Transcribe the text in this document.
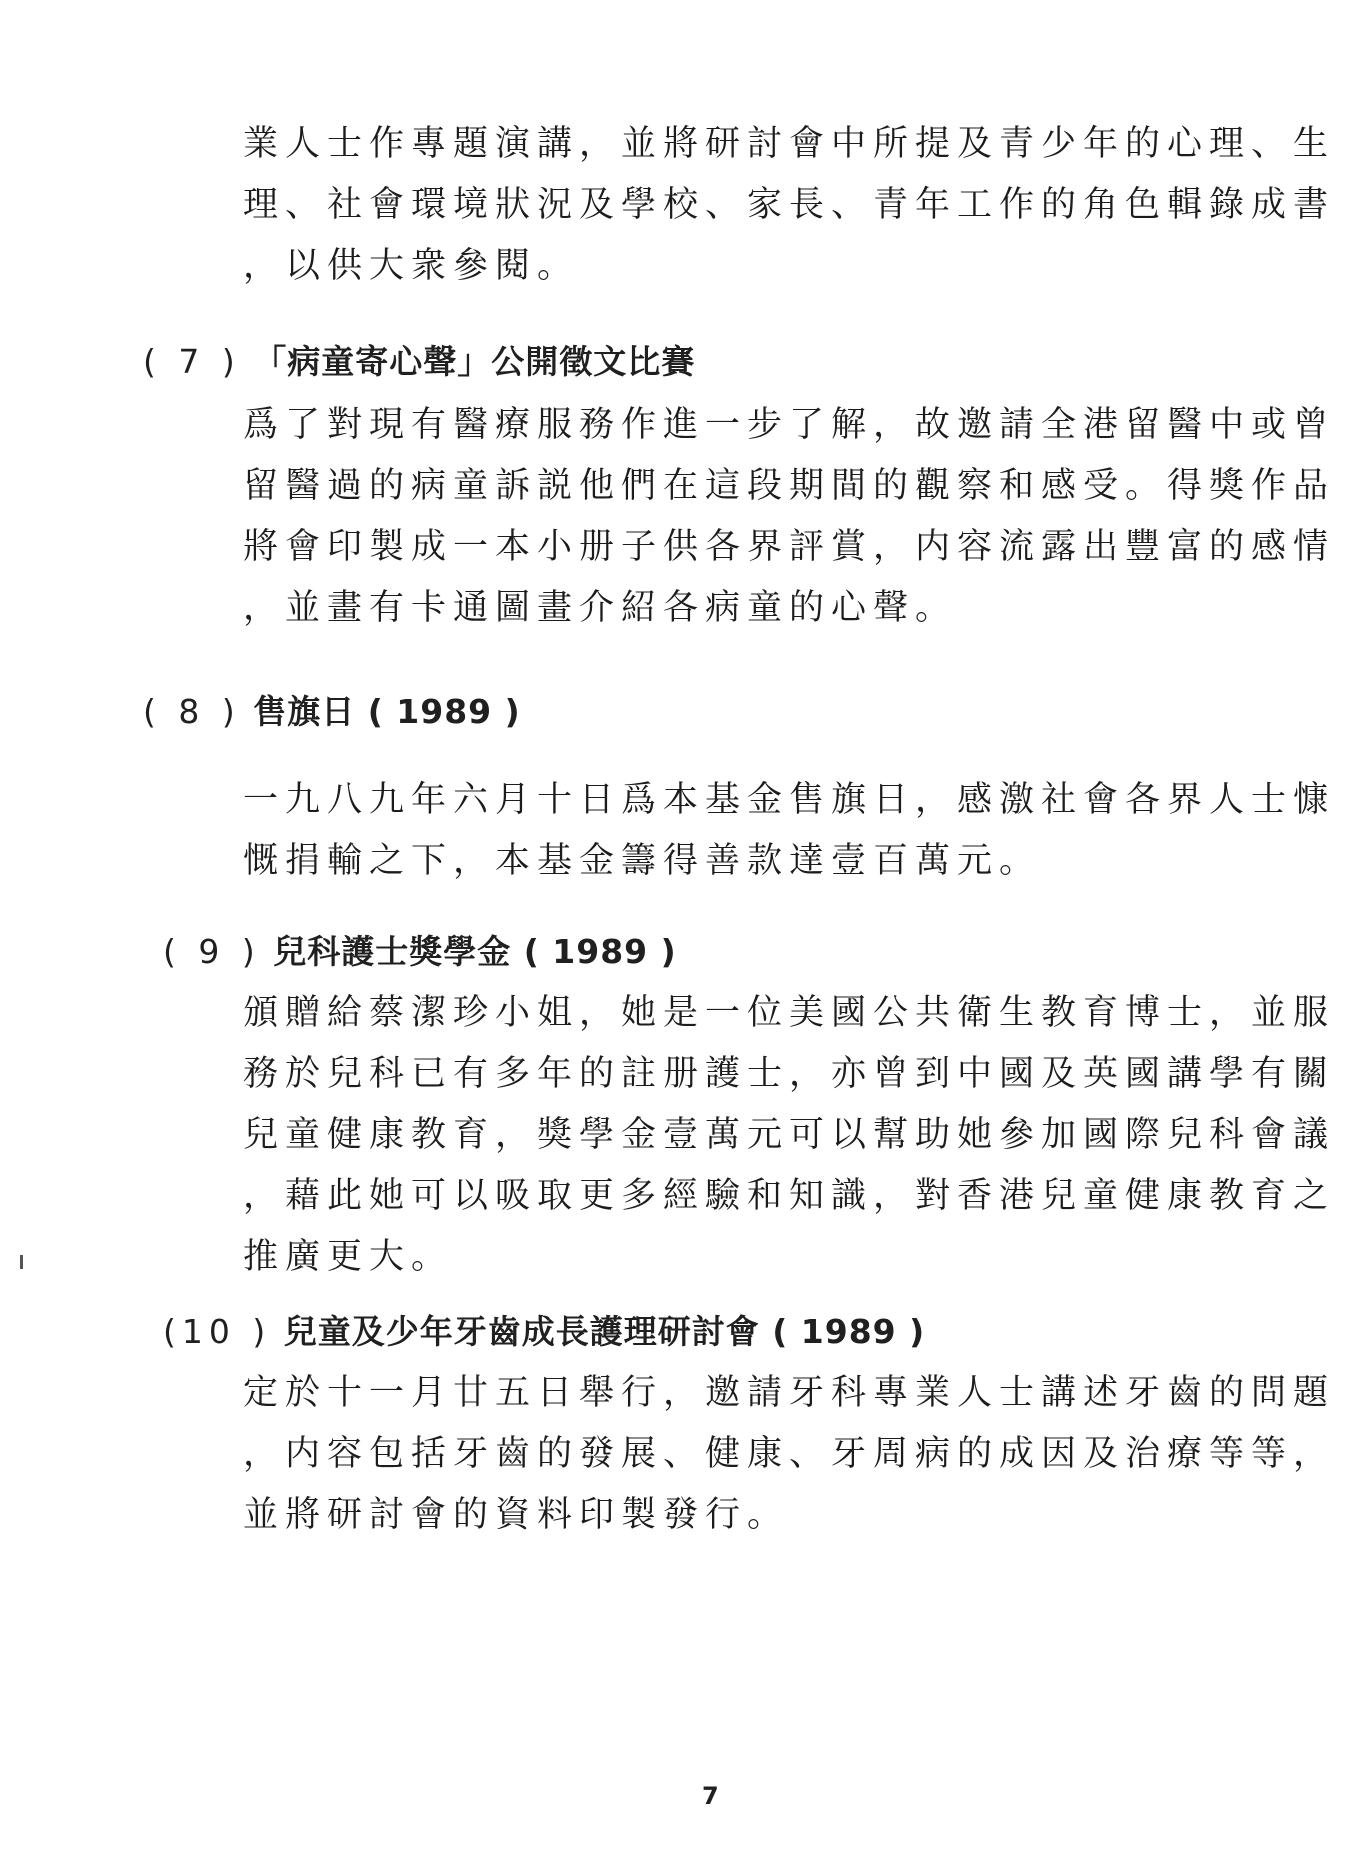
業人士作專題演講，並將研討會中所提及青少年的心理、生
理、社會環境狀況及學校、家長、青年工作的角色輯錄成書
，以供大衆參閱。
( 7 ) 「病童寄心聲」公開徵文比賽
爲了對現有醫療服務作進一步了解，故邀請全港留醫中或曾
留醫過的病童訴説他們在這段期間的觀察和感受。得獎作品
將會印製成一本小册子供各界評賞，内容流露出豐富的感情
，並畫有卡通圖畫介紹各病童的心聲。
( 8 ) 售旗日 ( 1989 )
一九八九年六月十日爲本基金售旗日，感激社會各界人士慷
慨捐輸之下，本基金籌得善款達壹百萬元。
( 9 ) 兒科護士獎學金 ( 1989 )
頒贈給蔡潔珍小姐，她是一位美國公共衛生教育博士，並服
務於兒科已有多年的註册護士，亦曾到中國及英國講學有關
兒童健康教育，獎學金壹萬元可以幫助她參加國際兒科會議
，藉此她可以吸取更多經驗和知識，對香港兒童健康教育之
推廣更大。
(10 ) 兒童及少年牙齒成長護理研討會 ( 1989 )
定於十一月廿五日舉行，邀請牙科專業人士講述牙齒的問題
，内容包括牙齒的發展、健康、牙周病的成因及治療等等，
並將研討會的資料印製發行。
7
